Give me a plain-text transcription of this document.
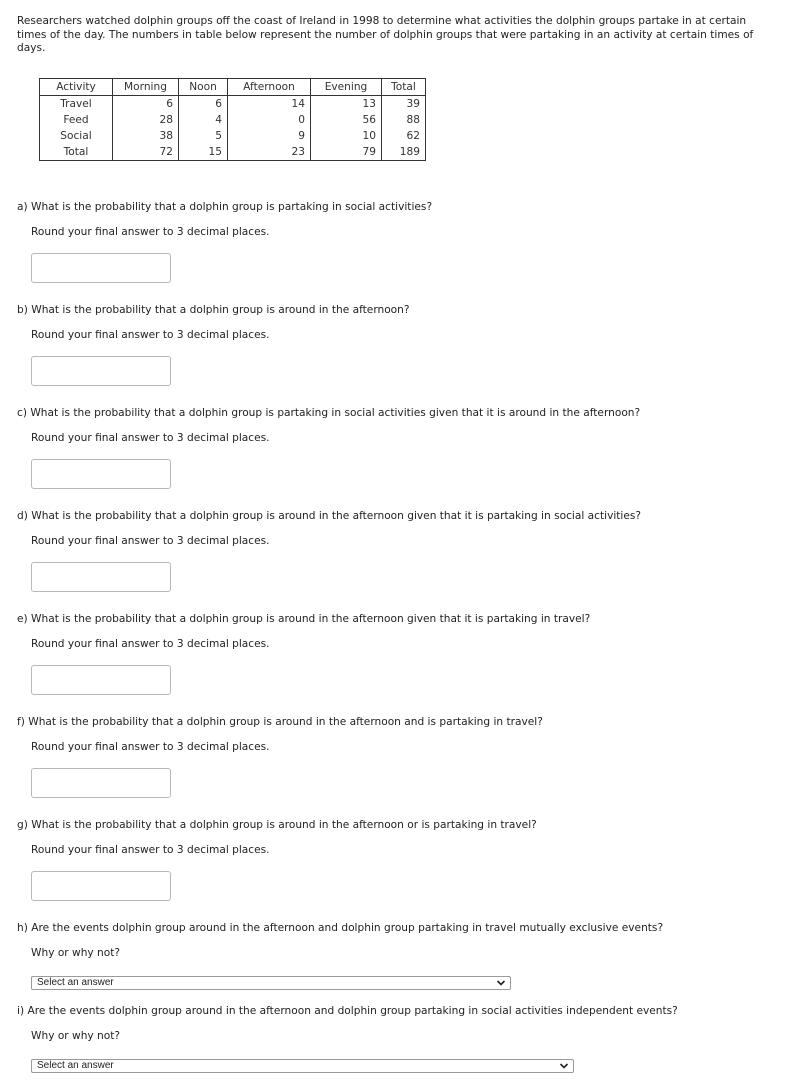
Researchers watched dolphin groups off the coast of Ireland in 1998 to determine what activities the dolphin groups partake in at certain times of the day. The numbers in table below represent the number of dolphin groups that were partaking in an activity at certain times of days.
Activity	Morning	Noon	Afternoon	Evening	Total
Travel	6	6	14	13	39
Feed	28	4	0	56	88
Social	38	5	9	10	62
Total	72	15	23	79	189
a) What is the probability that a dolphin group is partaking in social activities?
Round your final answer to 3 decimal places.
b) What is the probability that a dolphin group is around in the afternoon?
Round your final answer to 3 decimal places.
c) What is the probability that a dolphin group is partaking in social activities given that it is around in the afternoon?
Round your final answer to 3 decimal places.
d) What is the probability that a dolphin group is around in the afternoon given that it is partaking in social activities?
Round your final answer to 3 decimal places.
e) What is the probability that a dolphin group is around in the afternoon given that it is partaking in travel?
Round your final answer to 3 decimal places.
f) What is the probability that a dolphin group is around in the afternoon and is partaking in travel?
Round your final answer to 3 decimal places.
g) What is the probability that a dolphin group is around in the afternoon or is partaking in travel?
Round your final answer to 3 decimal places.
h) Are the events dolphin group around in the afternoon and dolphin group partaking in travel mutually exclusive events?
Why or why not?
Select an answer
i) Are the events dolphin group around in the afternoon and dolphin group partaking in social activities independent events?
Why or why not?
Select an answer
